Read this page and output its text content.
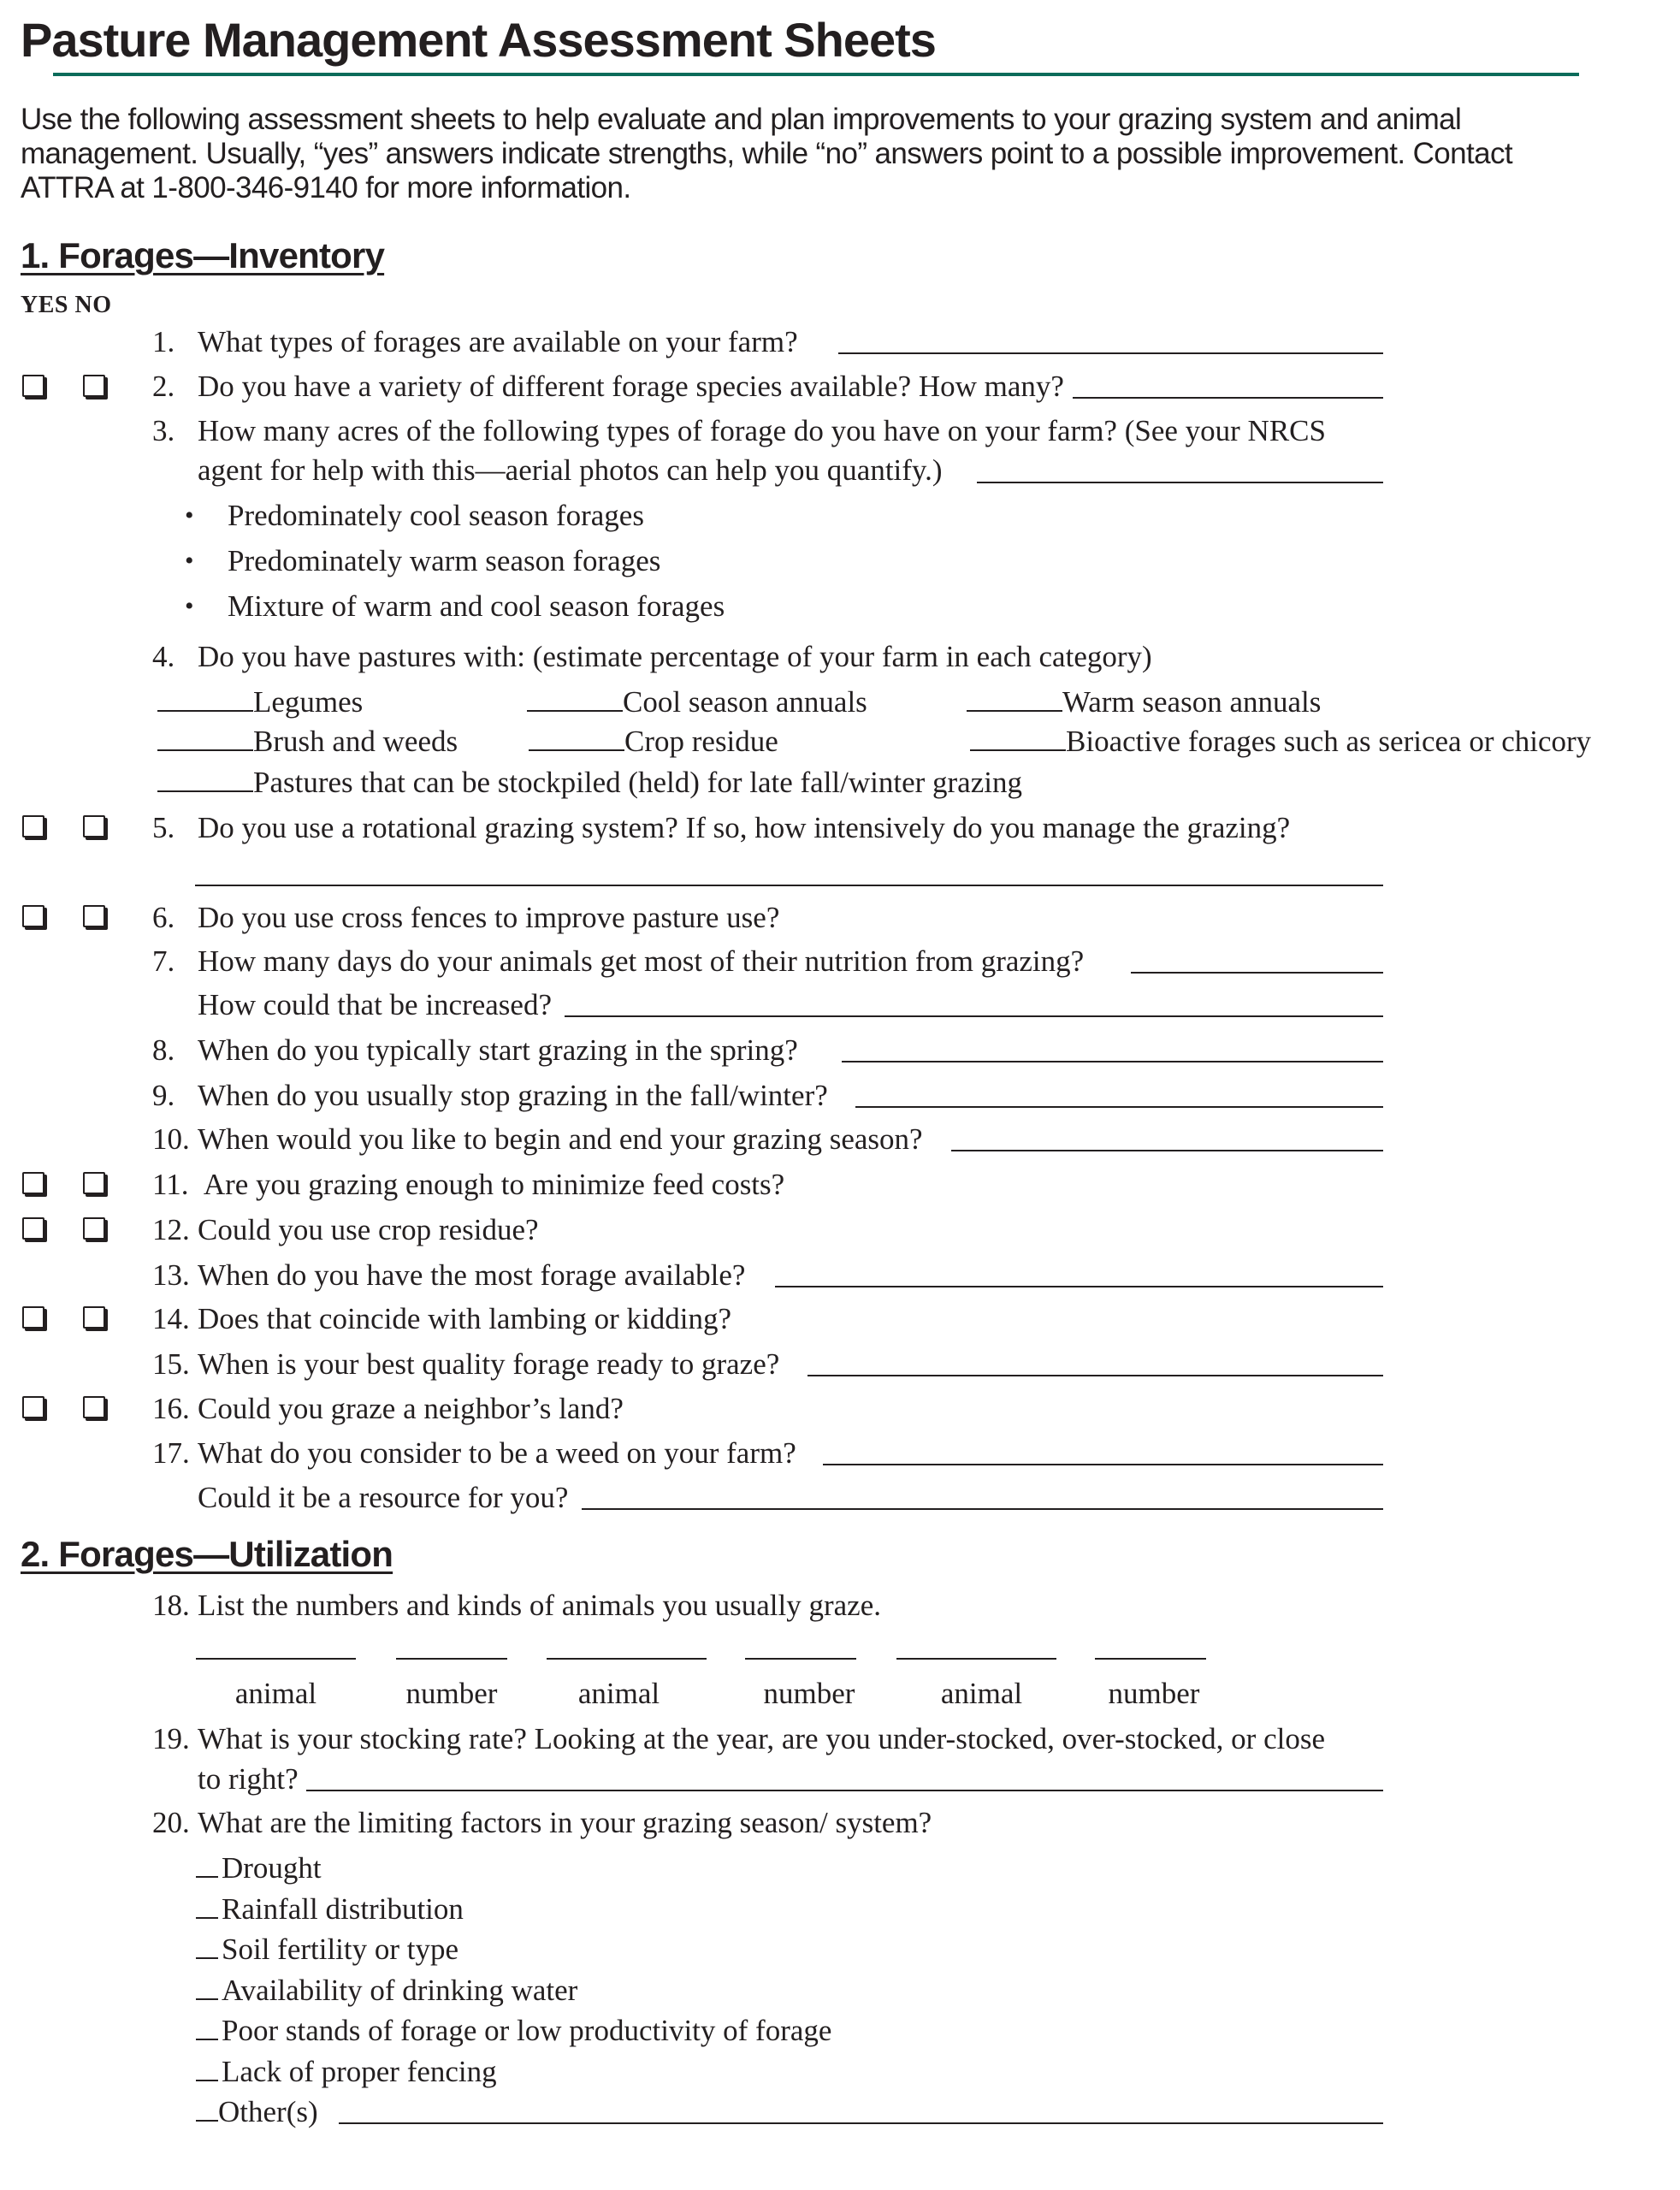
Pasture Management Assessment Sheets
Use the following assessment sheets to help evaluate and plan improvements to your grazing system and animal
management. Usually, “yes” answers indicate strengths, while “no” answers point to a possible improvement. Contact
ATTRA at 1-800-346-9140 for more information.
1. Forages—Inventory
YES NO
1. What types of forages are available on your farm?
2. Do you have a variety of different forage species available? How many?
3. How many acres of the following types of forage do you have on your farm? (See your NRCS
agent for help with this—aerial photos can help you quantify.)
• Predominately cool season forages
• Predominately warm season forages
• Mixture of warm and cool season forages
4. Do you have pastures with: (estimate percentage of your farm in each category)
Legumes	Cool season annuals	Warm season annuals
Brush and weeds	Crop residue	Bioactive forages such as sericea or chicory
Pastures that can be stockpiled (held) for late fall/winter grazing
5. Do you use a rotational grazing system? If so, how intensively do you manage the grazing?
6. Do you use cross fences to improve pasture use?
7. How many days do your animals get most of their nutrition from grazing?
How could that be increased?
8. When do you typically start grazing in the spring?
9. When do you usually stop grazing in the fall/winter?
10. When would you like to begin and end your grazing season?
11. Are you grazing enough to minimize feed costs?
12. Could you use crop residue?
13. When do you have the most forage available?
14. Does that coincide with lambing or kidding?
15. When is your best quality forage ready to graze?
16. Could you graze a neighbor’s land?
17. What do you consider to be a weed on your farm?
Could it be a resource for you?
2. Forages—Utilization
18. List the numbers and kinds of animals you usually graze.
animal	number	animal	number	animal	number
19. What is your stocking rate? Looking at the year, are you under-stocked, over-stocked, or close
to right?
20. What are the limiting factors in your grazing season/ system?
Drought
Rainfall distribution
Soil fertility or type
Availability of drinking water
Poor stands of forage or low productivity of forage
Lack of proper fencing
Other(s)
